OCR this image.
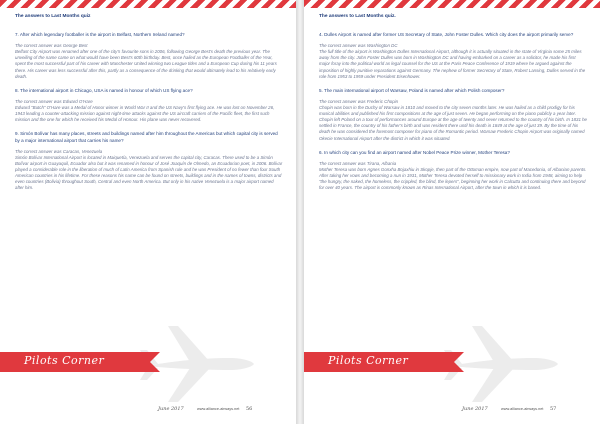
The answers to Last Months quiz

7. After which legendary footballer is the airport in Belfast, Northern Ireland named?

The correct answer was George Best
Belfast City Airport was renamed after one of the city's favourite sons in 2006, following George Best's death the previous year. The unveiling of the name came on what would have been Best's 60th birthday. Best, once hailed as the European Footballer of the Year, spent the most successful part of his career with Manchester United winning two League titles and a European Cup during his 11 years there. His career was less successful after this, partly as a consequence of the drinking that would ultimately lead to his relatively early death.

8. The international airport in Chicago, USA is named in honour of which US flying ace?

The correct answer was Edward O'Hare
Edward "Butch" O'Hare was a Medal of Honor winner in World War II and the US Navy's first flying ace. He was lost on November 26, 1943 leading a counter-attacking mission against night-time attacks against the US aircraft carriers of the Pacific fleet, the first such mission and the one for which he received his Medal of Honour. His plane was never recovered.

9. Simón Bolívar has many places, streets and buildings named after him throughout the Americas but which capital city is served by a major international airport that carries his name?

The correct answer was Caracas, Venezuela
Simón Bolívar International Airport is located in Maiquetía, Venezuela and serves the capital city, Caracas. There used to be a Simón Bolívar airport in Guayaquil, Ecuador also but it was renamed in honour of José Joaquín de Olmedo, an Ecuadorian poet, in 2006. Bolívar played a considerable role in the liberation of much of Latin America from Spanish rule and he was President of no fewer than four South American countries in his lifetime. For these reasons his name can be found on streets, buildings and in the names of towns, districts and even countries (Bolivia) throughout South, Central and even North America. But only in his native Venezuela is a major airport named after him.

Pilots Corner
June 2017	www.alliance-airways.net 56

The answers to Last Months quiz.

4. Dulles Airport is named after former US Secretary of State, John Foster Dulles. Which city does the airport primarily serve?

The correct answer was Washington DC
The full title of the airport is Washington Dulles International Airport, although it is actually situated in the state of Virginia some 25 miles away from the city. John Foster Dulles was born in Washington DC and having embarked on a career as a solicitor, he made his first major foray into the political world as legal counsel for the US at the Paris Peace Conference of 1919 where he argued against the imposition of highly punitive reparations against Germany. The nephew of former Secretary of State, Robert Lansing, Dulles served in the role from 1953 to 1959 under President Eisenhower.

5. The main international airport of Warsaw, Poland is named after which Polish composer?

The correct answer was Frederic Chopin
Chopin was born in the Duchy of Warsaw in 1810 and moved to the city seven months later. He was hailed as a child prodigy for his musical abilities and published his first compositions at the age of just seven. He began performing on the piano publicly a year later. Chopin left Poland on a tour of performances around Europe at the age of twenty and never returned to the country of his birth. In 1831 he settled in France, the country of his father's birth and was resident there until his death in 1849 at the age of just 39. By the time of his death he was considered the foremost composer for piano of the Romantic period. Warsaw Frederic Chopin Airport was originally named Okecie International Airport after the district in which it was situated.

6. In which city can you find an airport named after Nobel Peace Prize winner, Mother Teresa?

The correct answer was Tirana, Albania
Mother Teresa was born Agnes Gonxha Bojaxhiu in Skopje, then part of the Ottoman empire, now part of Macedonia, of Albanian parents. After taking her vows and becoming a nun in 1931, Mother Teresa devoted herself to missionary work in India from 1948, aiming to help "the hungry, the naked, the homeless, the crippled, the blind, the lepers", beginning her work in Calcutta and continuing there and beyond for over 40 years. The airport is commonly known as Rinas International Airport, after the town in which it is based.

Pilots Corner
June 2017	www.alliance-airways.net 57
